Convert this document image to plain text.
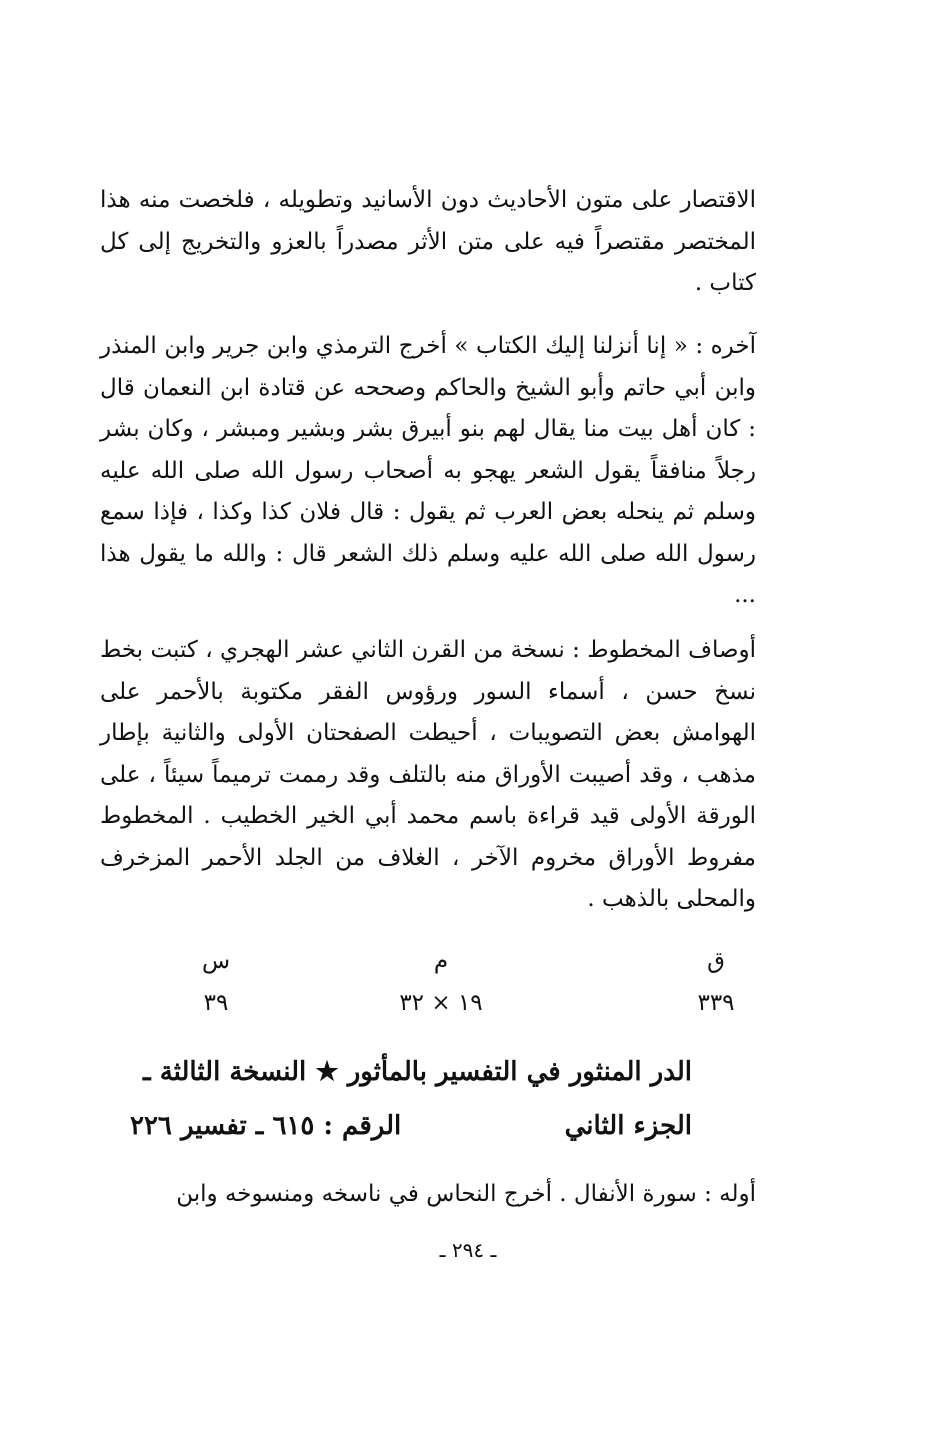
الاقتصار على متون الأحاديث دون الأسانيد وتطويله ، فلخصت منه هذا المختصر مقتصراً فيه على متن الأثر مصدراً بالعزو والتخريج إلى كل كتاب .

آخره : « إنا أنزلنا إليك الكتاب » أخرج الترمذي وابن جرير وابن المنذر وابن أبي حاتم وأبو الشيخ والحاكم وصححه عن قتادة ابن النعمان قال : كان أهل بيت منا يقال لهم بنو أبيرق بشر وبشير ومبشر ، وكان بشر رجلاً منافقاً يقول الشعر يهجو به أصحاب رسول الله صلى الله عليه وسلم ثم ينحله بعض العرب ثم يقول : قال فلان كذا وكذا ، فإذا سمع رسول الله صلى الله عليه وسلم ذلك الشعر قال : والله ما يقول هذا ...

أوصاف المخطوط : نسخة من القرن الثاني عشر الهجري ، كتبت بخط نسخ حسن ، أسماء السور ورؤوس الفقر مكتوبة بالأحمر على الهوامش بعض التصويبات ، أحيطت الصفحتان الأولى والثانية بإطار مذهب ، وقد أصيبت الأوراق منه بالتلف وقد رممت ترميماً سيئاً ، على الورقة الأولى قيد قراءة باسم محمد أبي الخير الخطيب . المخطوط مفروط الأوراق مخروم الآخر ، الغلاف من الجلد الأحمر المزخرف والمحلى بالذهب .

ق
م
س
٣٣٩
١٩ × ٣٢
٣٩
الدر المنثور في التفسير بالمأثور ★ النسخة الثالثة ـ
الجزء الثاني
الرقم : ٦١٥ ـ تفسير ٢٢٦

أوله : سورة الأنفال . أخرج النحاس في ناسخه ومنسوخه وابن

ـ ٢٩٤ ـ
